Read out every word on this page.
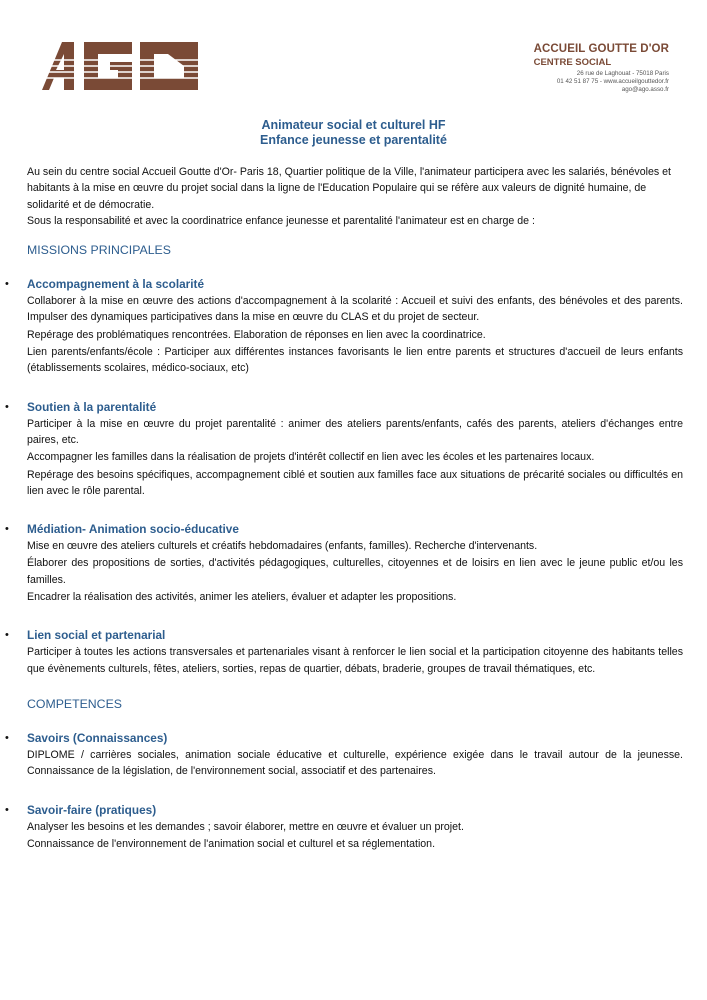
ACCUEIL GOUTTE D'OR
CENTRE SOCIAL
26 rue de Laghouat - 75018 Paris
01 42 51 87 75 - www.accueilgouttedor.fr
ago@ago.asso.fr
Animateur social et culturel HF
Enfance jeunesse et parentalité

Au sein du centre social Accueil Goutte d'Or- Paris 18, Quartier politique de la Ville, l'animateur participera avec les salariés, bénévoles et habitants à la mise en œuvre du projet social dans la ligne de l'Education Populaire qui se réfère aux valeurs de dignité humaine, de solidarité et de démocratie.

Sous la responsabilité et avec la coordinatrice enfance jeunesse et parentalité l'animateur est en charge de :

MISSIONS PRINCIPALES
• Accompagnement à la scolarité

Collaborer à la mise en œuvre des actions d'accompagnement à la scolarité : Accueil et suivi des enfants, des bénévoles et des parents. Impulser des dynamiques participatives dans la mise en œuvre du CLAS et du projet de secteur.

Repérage des problématiques rencontrées. Elaboration de réponses en lien avec la coordinatrice.

Lien parents/enfants/école : Participer aux différentes instances favorisants le lien entre parents et structures d'accueil de leurs enfants (établissements scolaires, médico-sociaux, etc)

• Soutien à la parentalité

Participer à la mise en œuvre du projet parentalité : animer des ateliers parents/enfants, cafés des parents, ateliers d'échanges entre paires, etc.

Accompagner les familles dans la réalisation de projets d'intérêt collectif en lien avec les écoles et les partenaires locaux.

Repérage des besoins spécifiques, accompagnement ciblé et soutien aux familles face aux situations de précarité sociales ou difficultés en lien avec le rôle parental.

• Médiation- Animation socio-éducative

Mise en œuvre des ateliers culturels et créatifs hebdomadaires (enfants, familles). Recherche d'intervenants.

Élaborer des propositions de sorties, d'activités pédagogiques, culturelles, citoyennes et de loisirs en lien avec le jeune public et/ou les familles.

Encadrer la réalisation des activités, animer les ateliers, évaluer et adapter les propositions.

• Lien social et partenarial

Participer à toutes les actions transversales et partenariales visant à renforcer le lien social et la participation citoyenne des habitants telles que évènements culturels, fêtes, ateliers, sorties, repas de quartier, débats, braderie, groupes de travail thématiques, etc.

COMPETENCES
• Savoirs (Connaissances)

DIPLOME / carrières sociales, animation sociale éducative et culturelle, expérience exigée dans le travail autour de la jeunesse. Connaissance de la législation, de l'environnement social, associatif et des partenaires.

• Savoir-faire (pratiques)

Analyser les besoins et les demandes ; savoir élaborer, mettre en œuvre et évaluer un projet.

Connaissance de l'environnement de l'animation social et culturel et sa réglementation.
